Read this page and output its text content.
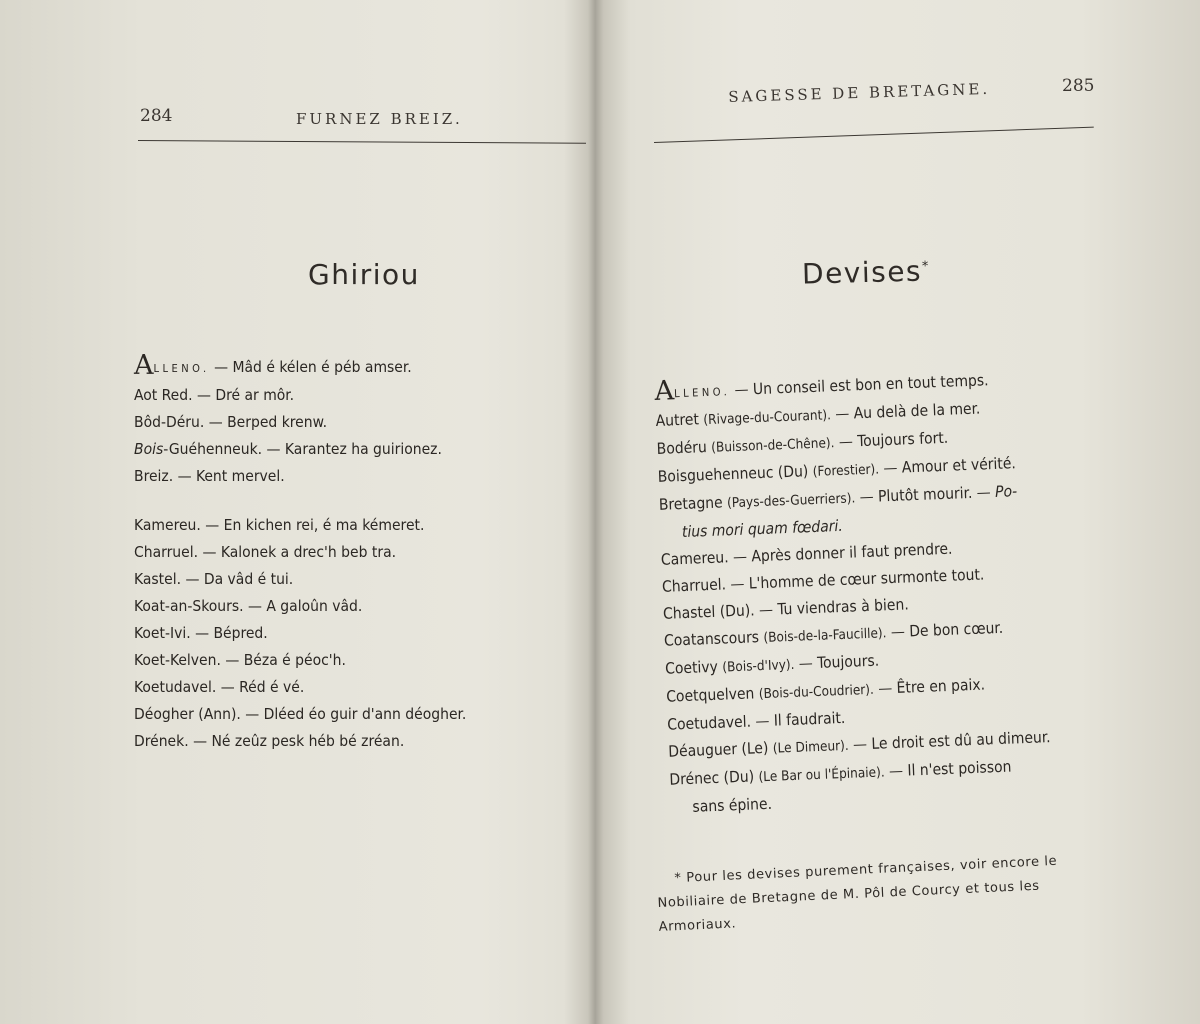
284	FURNEZ BREIZ.
Ghiriou
ALLENO. — Mâd é kélen é péb amser.
Aot Red. — Dré ar môr.
Bôd-Déru. — Berped krenw.
Bois-Guéhenneuk. — Karantez ha guirionez.
Breiz. — Kent mervel.
Kamereu. — En kichen rei, é ma kémeret.
Charruel. — Kalonek a drec'h beb tra.
Kastel. — Da vâd é tui.
Koat-an-Skours. — A galoûn vâd.
Koet-Ivi. — Bépred.
Koet-Kelven. — Béza é péoc'h.
Koetudavel. — Réd é vé.
Déogher (Ann). — Dléed éo guir d'ann déogher.
Drének. — Né zeûz pesk héb bé zréan.
SAGESSE DE BRETAGNE.	285
Devises*
ALLENO. — Un conseil est bon en tout temps.
Autret (Rivage-du-Courant). — Au delà de la mer.
Bodéru (Buisson-de-Chêne). — Toujours fort.
Boisguehenneuc (Du) (Forestier). — Amour et vérité.
Bretagne (Pays-des-Guerriers). — Plutôt mourir. — Po-
tius mori quam fœdari.
Camereu. — Après donner il faut prendre.
Charruel. — L'homme de cœur surmonte tout.
Chastel (Du). — Tu viendras à bien.
Coatanscours (Bois-de-la-Faucille). — De bon cœur.
Coetivy (Bois-d'Ivy). — Toujours.
Coetquelven (Bois-du-Coudrier). — Être en paix.
Coetudavel. — Il faudrait.
Déauguer (Le) (Le Dimeur). — Le droit est dû au dimeur.
Drénec (Du) (Le Bar ou l'Épinaie). — Il n'est poisson
sans épine.
* Pour les devises purement françaises, voir encore le
Nobiliaire de Bretagne de M. Pôl de Courcy et tous les
Armoriaux.
